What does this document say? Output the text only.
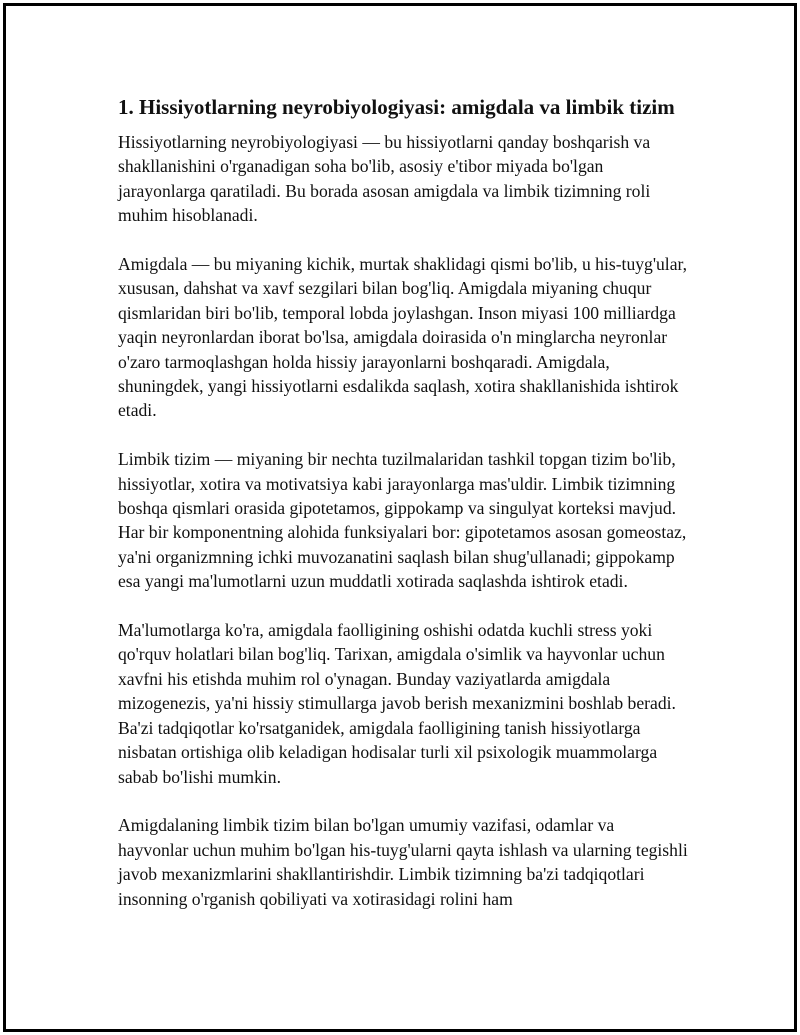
1. Hissiyotlarning neyrobiyologiyasi: amigdala va limbik tizim

Hissiyotlarning neyrobiyologiyasi — bu hissiyotlarni qanday boshqarish va shakllanishini o'rganadigan soha bo'lib, asosiy e'tibor miyada bo'lgan jarayonlarga qaratiladi. Bu borada asosan amigdala va limbik tizimning roli muhim hisoblanadi.

Amigdala — bu miyaning kichik, murtak shaklidagi qismi bo'lib, u his-tuyg'ular, xususan, dahshat va xavf sezgilari bilan bog'liq. Amigdala miyaning chuqur qismlaridan biri bo'lib, temporal lobda joylashgan. Inson miyasi 100 milliardga yaqin neyronlardan iborat bo'lsa, amigdala doirasida o'n minglarcha neyronlar o'zaro tarmoqlashgan holda hissiy jarayonlarni boshqaradi. Amigdala, shuningdek, yangi hissiyotlarni esdalikda saqlash, xotira shakllanishida ishtirok etadi.

Limbik tizim — miyaning bir nechta tuzilmalaridan tashkil topgan tizim bo'lib, hissiyotlar, xotira va motivatsiya kabi jarayonlarga mas'uldir. Limbik tizimning boshqa qismlari orasida gipotetamos, gippokamp va singulyat korteksi mavjud. Har bir komponentning alohida funksiyalari bor: gipotetamos asosan gomeostaz, ya'ni organizmning ichki muvozanatini saqlash bilan shug'ullanadi; gippokamp esa yangi ma'lumotlarni uzun muddatli xotirada saqlashda ishtirok etadi.

Ma'lumotlarga ko'ra, amigdala faolligining oshishi odatda kuchli stress yoki qo'rquv holatlari bilan bog'liq. Tarixan, amigdala o'simlik va hayvonlar uchun xavfni his etishda muhim rol o'ynagan. Bunday vaziyatlarda amigdala mizogenezis, ya'ni hissiy stimullarga javob berish mexanizmini boshlab beradi. Ba'zi tadqiqotlar ko'rsatganidek, amigdala faolligining tanish hissiyotlarga nisbatan ortishiga olib keladigan hodisalar turli xil psixologik muammolarga sabab bo'lishi mumkin.

Amigdalaning limbik tizim bilan bo'lgan umumiy vazifasi, odamlar va hayvonlar uchun muhim bo'lgan his-tuyg'ularni qayta ishlash va ularning tegishli javob mexanizmlarini shakllantirishdir. Limbik tizimning ba'zi tadqiqotlari insonning o'rganish qobiliyati va xotirasidagi rolini ham
